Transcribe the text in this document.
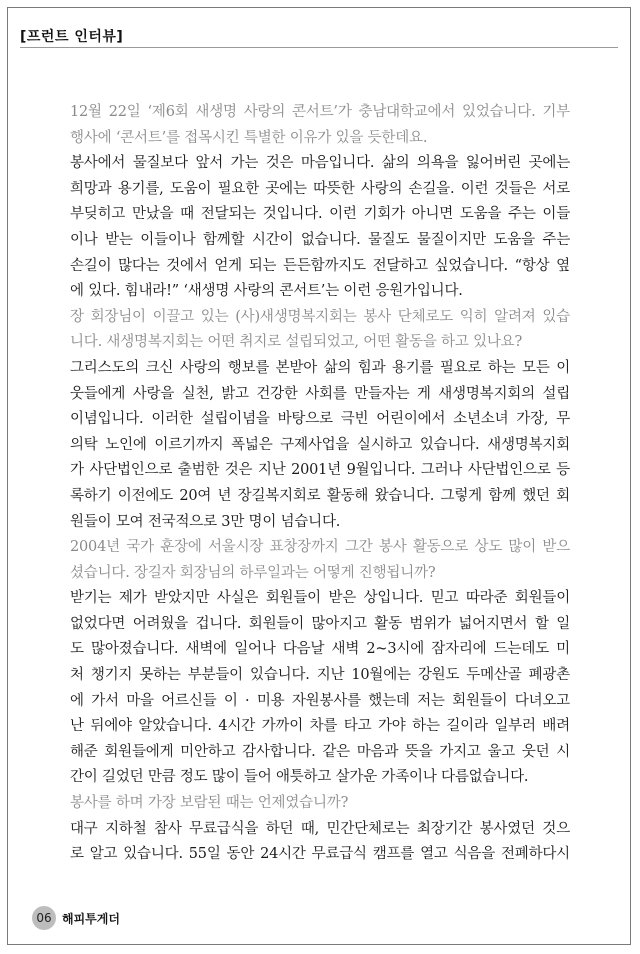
[프런트 인터뷰]

12월 22일 ‘제6회 새생명 사랑의 콘서트’가 충남대학교에서 있었습니다. 기부

행사에 ‘콘서트’를 접목시킨 특별한 이유가 있을 듯한데요.

봉사에서 물질보다 앞서 가는 것은 마음입니다. 삶의 의욕을 잃어버린 곳에는

희망과 용기를, 도움이 필요한 곳에는 따뜻한 사랑의 손길을. 이런 것들은 서로

부딪히고 만났을 때 전달되는 것입니다. 이런 기회가 아니면 도움을 주는 이들

이나 받는 이들이나 함께할 시간이 없습니다. 물질도 물질이지만 도움을 주는

손길이 많다는 것에서 얻게 되는 든든함까지도 전달하고 싶었습니다. “항상 옆

에 있다. 힘내라!” ‘새생명 사랑의 콘서트’는 이런 응원가입니다.

장 회장님이 이끌고 있는 (사)새생명복지회는 봉사 단체로도 익히 알려져 있습

니다. 새생명복지회는 어떤 취지로 설립되었고, 어떤 활동을 하고 있나요?

그리스도의 크신 사랑의 행보를 본받아 삶의 힘과 용기를 필요로 하는 모든 이

웃들에게 사랑을 실천, 밝고 건강한 사회를 만들자는 게 새생명복지회의 설립

이념입니다. 이러한 설립이념을 바탕으로 극빈 어린이에서 소년소녀 가장, 무

의탁 노인에 이르기까지 폭넓은 구제사업을 실시하고 있습니다. 새생명복지회

가 사단법인으로 출범한 것은 지난 2001년 9월입니다. 그러나 사단법인으로 등

록하기 이전에도 20여 년 장길복지회로 활동해 왔습니다. 그렇게 함께 했던 회

원들이 모여 전국적으로 3만 명이 넘습니다.

2004년 국가 훈장에 서울시장 표창장까지 그간 봉사 활동으로 상도 많이 받으

셨습니다. 장길자 회장님의 하루일과는 어떻게 진행됩니까?

받기는 제가 받았지만 사실은 회원들이 받은 상입니다. 믿고 따라준 회원들이

없었다면 어려웠을 겁니다. 회원들이 많아지고 활동 범위가 넓어지면서 할 일

도 많아졌습니다. 새벽에 일어나 다음날 새벽 2~3시에 잠자리에 드는데도 미

처 챙기지 못하는 부분들이 있습니다. 지난 10월에는 강원도 두메산골 폐광촌

에 가서 마을 어르신들 이 · 미용 자원봉사를 했는데 저는 회원들이 다녀오고

난 뒤에야 알았습니다. 4시간 가까이 차를 타고 가야 하는 길이라 일부러 배려

해준 회원들에게 미안하고 감사합니다. 같은 마음과 뜻을 가지고 울고 웃던 시

간이 길었던 만큼 정도 많이 들어 애틋하고 살가운 가족이나 다름없습니다.

봉사를 하며 가장 보람된 때는 언제였습니까?

대구 지하철 참사 무료급식을 하던 때, 민간단체로는 최장기간 봉사였던 것으

로 알고 있습니다. 55일 동안 24시간 무료급식 캠프를 열고 식음을 전폐하다시

06 해피투게더
